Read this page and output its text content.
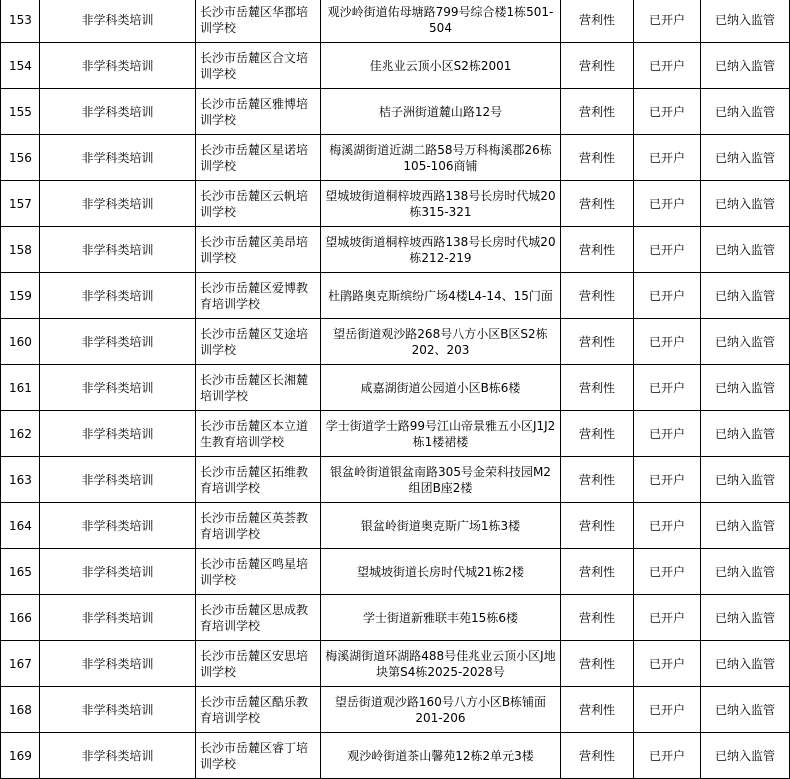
153	非学科类培训	长沙市岳麓区华郡培训学校	观沙岭街道佑母塘路799号综合楼1栋501-504	营利性	已开户	已纳入监管
154	非学科类培训	长沙市岳麓区合文培训学校	佳兆业云顶小区S2栋2001	营利性	已开户	已纳入监管
155	非学科类培训	长沙市岳麓区雅博培训学校	桔子洲街道麓山路12号	营利性	已开户	已纳入监管
156	非学科类培训	长沙市岳麓区星诺培训学校	梅溪湖街道近湖二路58号万科梅溪郡26栋105-106商铺	营利性	已开户	已纳入监管
157	非学科类培训	长沙市岳麓区云帆培训学校	望城坡街道桐梓坡西路138号长房时代城20栋315-321	营利性	已开户	已纳入监管
158	非学科类培训	长沙市岳麓区美昂培训学校	望城坡街道桐梓坡西路138号长房时代城20栋212-219	营利性	已开户	已纳入监管
159	非学科类培训	长沙市岳麓区爱博教育培训学校	杜鹃路奥克斯缤纷广场4楼L4-14、15门面	营利性	已开户	已纳入监管
160	非学科类培训	长沙市岳麓区艾途培训学校	望岳街道观沙路268号八方小区B区S2栋202、203	营利性	已开户	已纳入监管
161	非学科类培训	长沙市岳麓区长湘麓培训学校	咸嘉湖街道公园道小区B栋6楼	营利性	已开户	已纳入监管
162	非学科类培训	长沙市岳麓区本立道生教育培训学校	学士街道学士路99号江山帝景雅五小区J1J2栋1楼裙楼	营利性	已开户	已纳入监管
163	非学科类培训	长沙市岳麓区拓维教育培训学校	银盆岭街道银盆南路305号金荣科技园M2组团B座2楼	营利性	已开户	已纳入监管
164	非学科类培训	长沙市岳麓区英荟教育培训学校	银盆岭街道奥克斯广场1栋3楼	营利性	已开户	已纳入监管
165	非学科类培训	长沙市岳麓区鸣星培训学校	望城坡街道长房时代城21栋2楼	营利性	已开户	已纳入监管
166	非学科类培训	长沙市岳麓区思成教育培训学校	学士街道新雅联丰苑15栋6楼	营利性	已开户	已纳入监管
167	非学科类培训	长沙市岳麓区安思培训学校	梅溪湖街道环湖路488号佳兆业云顶小区J地块第S4栋2025-2028号	营利性	已开户	已纳入监管
168	非学科类培训	长沙市岳麓区酷乐教育培训学校	望岳街道观沙路160号八方小区B栋铺面201-206	营利性	已开户	已纳入监管
169	非学科类培训	长沙市岳麓区睿丁培训学校	观沙岭街道茶山馨苑12栋2单元3楼	营利性	已开户	已纳入监管
